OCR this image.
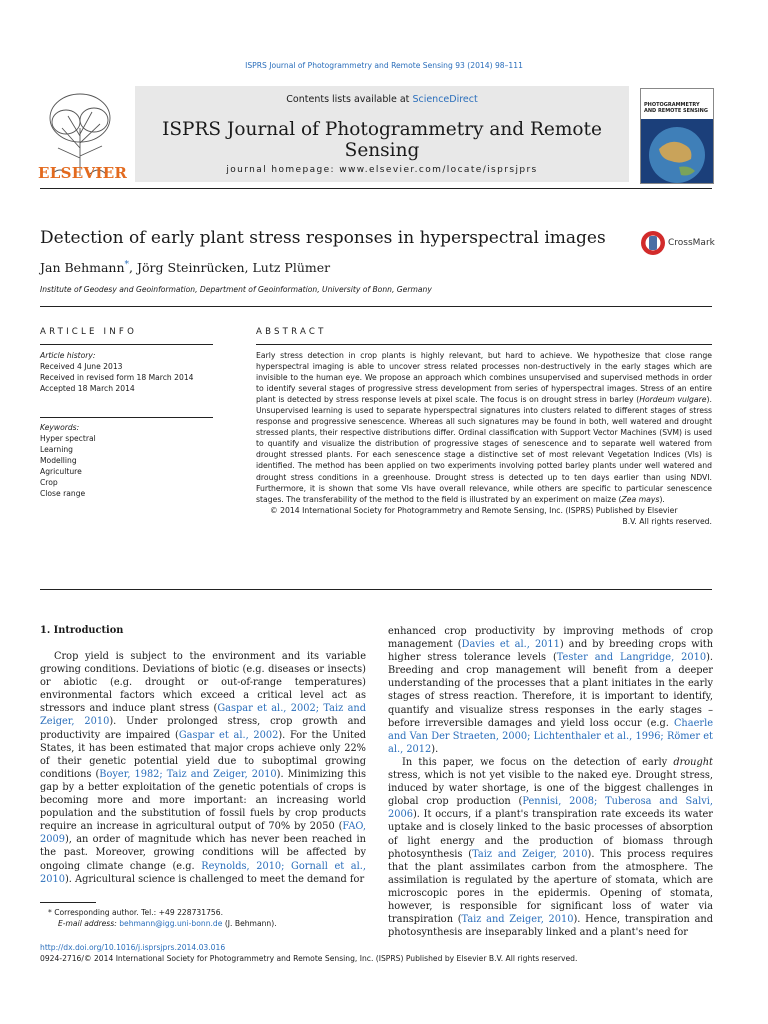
ISPRS Journal of Photogrammetry and Remote Sensing 93 (2014) 98–111
ELSEVIER
Contents lists available at ScienceDirect
ISPRS Journal of Photogrammetry and Remote Sensing
journal homepage: www.elsevier.com/locate/isprsjprs
PHOTOGRAMMETRY
AND REMOTE SENSING
Detection of early plant stress responses in hyperspectral images	CrossMark
Jan Behmann*, Jörg Steinrücken, Lutz Plümer
Institute of Geodesy and Geoinformation, Department of Geoinformation, University of Bonn, Germany
ARTICLE INFO
Article history:
Received 4 June 2013
Received in revised form 18 March 2014
Accepted 18 March 2014
Keywords:
Hyper spectral
Learning
Modelling
Agriculture
Crop
Close range
ABSTRACT
Early stress detection in crop plants is highly relevant, but hard to achieve. We hypothesize that close range hyperspectral imaging is able to uncover stress related processes non-destructively in the early stages which are invisible to the human eye. We propose an approach which combines unsupervised and supervised methods in order to identify several stages of progressive stress development from series of hyperspectral images. Stress of an entire plant is detected by stress response levels at pixel scale. The focus is on drought stress in barley (Hordeum vulgare). Unsupervised learning is used to separate hyperspectral signatures into clusters related to different stages of stress response and progressive senescence. Whereas all such signatures may be found in both, well watered and drought stressed plants, their respective distributions differ. Ordinal classification with Support Vector Machines (SVM) is used to quantify and visualize the distribution of progressive stages of senescence and to separate well watered from drought stressed plants. For each senescence stage a distinctive set of most relevant Vegetation Indices (VIs) is identified. The method has been applied on two experiments involving potted barley plants under well watered and drought stress conditions in a greenhouse. Drought stress is detected up to ten days earlier than using NDVI. Furthermore, it is shown that some VIs have overall relevance, while others are specific to particular senescence stages. The transferability of the method to the field is illustrated by an experiment on maize (Zea mays).
© 2014 International Society for Photogrammetry and Remote Sensing, Inc. (ISPRS) Published by Elsevier
B.V. All rights reserved.
1. Introduction

Crop yield is subject to the environment and its variable growing conditions. Deviations of biotic (e.g. diseases or insects) or abiotic (e.g. drought or out-of-range temperatures) environmental factors which exceed a critical level act as stressors and induce plant stress (Gaspar et al., 2002; Taiz and Zeiger, 2010). Under prolonged stress, crop growth and productivity are impaired (Gaspar et al., 2002). For the United States, it has been estimated that major crops achieve only 22% of their genetic potential yield due to suboptimal growing conditions (Boyer, 1982; Taiz and Zeiger, 2010). Minimizing this gap by a better exploitation of the genetic potentials of crops is becoming more and more important: an increasing world population and the substitution of fossil fuels by crop products require an increase in agricultural output of 70% by 2050 (FAO, 2009), an order of magnitude which has never been reached in the past. Moreover, growing conditions will be affected by ongoing climate change (e.g. Reynolds, 2010; Gornall et al., 2010). Agricultural science is challenged to meet the demand for

enhanced crop productivity by improving methods of crop management (Davies et al., 2011) and by breeding crops with higher stress tolerance levels (Tester and Langridge, 2010). Breeding and crop management will benefit from a deeper understanding of the processes that a plant initiates in the early stages of stress reaction. Therefore, it is important to identify, quantify and visualize stress responses in the early stages – before irreversible damages and yield loss occur (e.g. Chaerle and Van Der Straeten, 2000; Lichtenthaler et al., 1996; Römer et al., 2012).

In this paper, we focus on the detection of early drought stress, which is not yet visible to the naked eye. Drought stress, induced by water shortage, is one of the biggest challenges in global crop production (Pennisi, 2008; Tuberosa and Salvi, 2006). It occurs, if a plant's transpiration rate exceeds its water uptake and is closely linked to the basic processes of absorption of light energy and the production of biomass through photosynthesis (Taiz and Zeiger, 2010). This process requires that the plant assimilates carbon from the atmosphere. The assimilation is regulated by the aperture of stomata, which are microscopic pores in the epidermis. Opening of stomata, however, is responsible for significant loss of water via transpiration (Taiz and Zeiger, 2010). Hence, transpiration and photosynthesis are inseparably linked and a plant's need for

* Corresponding author. Tel.: +49 228731756.
E-mail address: behmann@igg.uni-bonn.de (J. Behmann).
http://dx.doi.org/10.1016/j.isprsjprs.2014.03.016
0924-2716/© 2014 International Society for Photogrammetry and Remote Sensing, Inc. (ISPRS) Published by Elsevier B.V. All rights reserved.
